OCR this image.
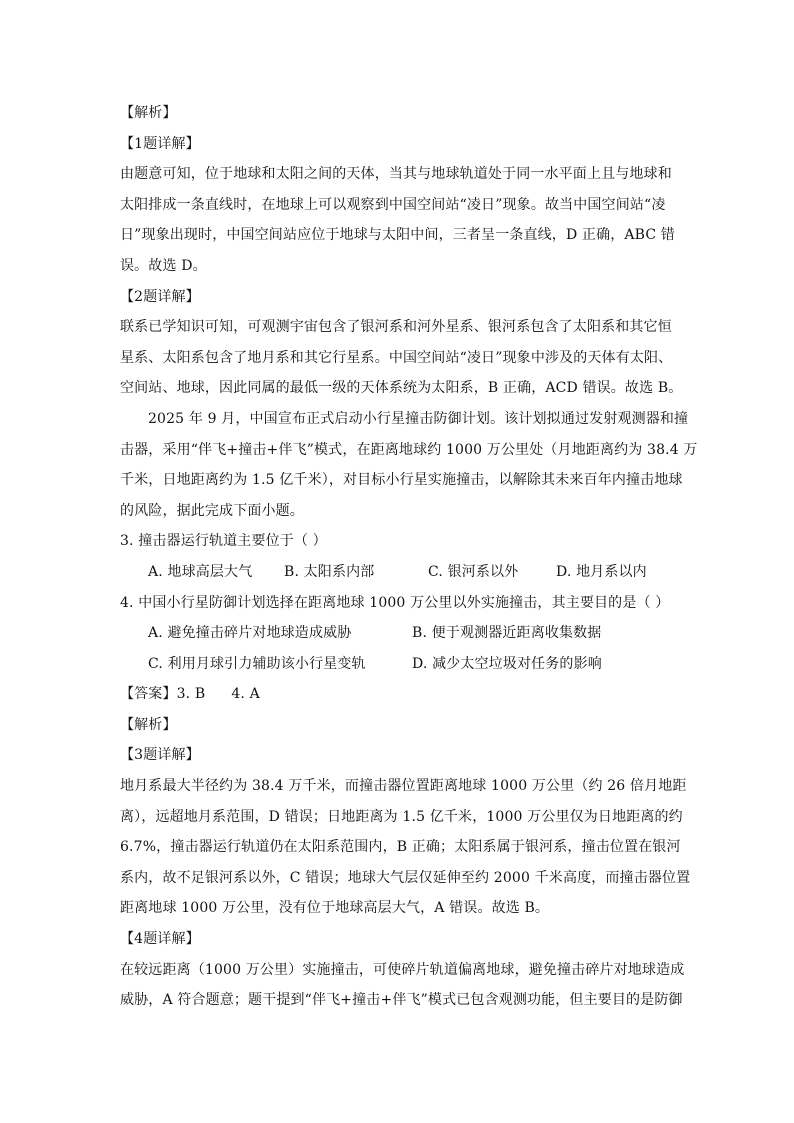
【解析】
【1题详解】
由题意可知，位于地球和太阳之间的天体，当其与地球轨道处于同一水平面上且与地球和
太阳排成一条直线时，在地球上可以观察到中国空间站“凌日”现象。故当中国空间站“凌
日”现象出现时，中国空间站应位于地球与太阳中间，三者呈一条直线，D 正确，ABC 错
误。故选 D。
【2题详解】
联系已学知识可知，可观测宇宙包含了银河系和河外星系、银河系包含了太阳系和其它恒
星系、太阳系包含了地月系和其它行星系。中国空间站“凌日”现象中涉及的天体有太阳、
空间站、地球，因此同属的最低一级的天体系统为太阳系，B 正确，ACD 错误。故选 B。
2025 年 9 月，中国宣布正式启动小行星撞击防御计划。该计划拟通过发射观测器和撞
击器，采用“伴飞+撞击+伴飞”模式，在距离地球约 1000 万公里处（月地距离约为 38.4 万
千米，日地距离约为 1.5 亿千米），对目标小行星实施撞击，以解除其未来百年内撞击地球
的风险，据此完成下面小题。
3. 撞击器运行轨道主要位于（ ）
A. 地球高层大气	B. 太阳系内部	C. 银河系以外	D. 地月系以内
4. 中国小行星防御计划选择在距离地球 1000 万公里以外实施撞击，其主要目的是（ ）
A. 避免撞击碎片对地球造成威胁	B. 便于观测器近距离收集数据
C. 利用月球引力辅助该小行星变轨	D. 减少太空垃圾对任务的影响
【答案】3. B 4. A
【解析】
【3题详解】
地月系最大半径约为 38.4 万千米，而撞击器位置距离地球 1000 万公里（约 26 倍月地距
离），远超地月系范围，D 错误；日地距离为 1.5 亿千米，1000 万公里仅为日地距离的约
6.7%，撞击器运行轨道仍在太阳系范围内，B 正确；太阳系属于银河系，撞击位置在银河
系内，故不足银河系以外，C 错误；地球大气层仅延伸至约 2000 千米高度，而撞击器位置
距离地球 1000 万公里，没有位于地球高层大气，A 错误。故选 B。
【4题详解】
在较远距离（1000 万公里）实施撞击，可使碎片轨道偏离地球，避免撞击碎片对地球造成
威胁，A 符合题意；题干提到“伴飞+撞击+伴飞”模式已包含观测功能，但主要目的是防御
